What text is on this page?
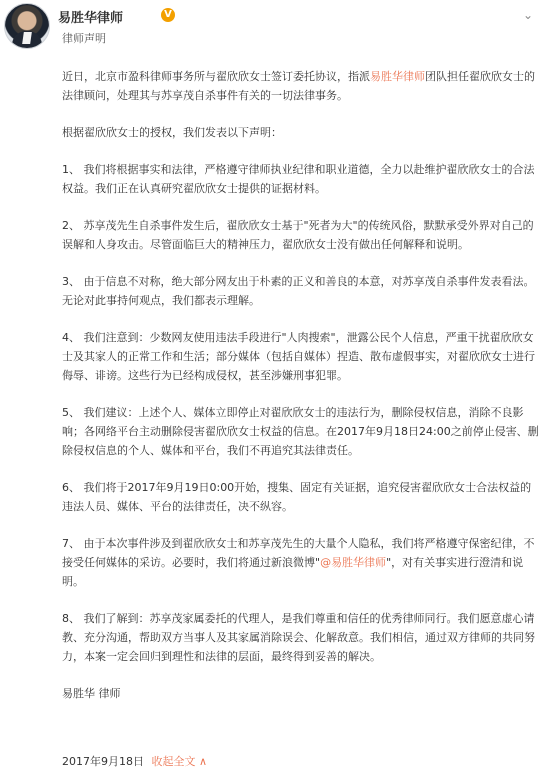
易胜华律师	V
律师声明
⌄

近日，北京市盈科律师事务所与翟欣欣女士签订委托协议，指派易胜华律师团队担任翟欣欣女士的法律顾问，处理其与苏享茂自杀事件有关的一切法律事务。

根据翟欣欣女士的授权，我们发表以下声明：

1、 我们将根据事实和法律，严格遵守律师执业纪律和职业道德，全力以赴维护翟欣欣女士的合法权益。我们正在认真研究翟欣欣女士提供的证据材料。

2、 苏享茂先生自杀事件发生后，翟欣欣女士基于"死者为大"的传统风俗，默默承受外界对自己的误解和人身攻击。尽管面临巨大的精神压力，翟欣欣女士没有做出任何解释和说明。

3、 由于信息不对称，绝大部分网友出于朴素的正义和善良的本意，对苏享茂自杀事件发表看法。无论对此事持何观点，我们都表示理解。

4、 我们注意到：少数网友使用违法手段进行"人肉搜索"，泄露公民个人信息，严重干扰翟欣欣女士及其家人的正常工作和生活；部分媒体（包括自媒体）捏造、散布虚假事实，对翟欣欣女士进行侮辱、诽谤。这些行为已经构成侵权，甚至涉嫌刑事犯罪。

5、 我们建议：上述个人、媒体立即停止对翟欣欣女士的违法行为，删除侵权信息，消除不良影响；各网络平台主动删除侵害翟欣欣女士权益的信息。在2017年9月18日24:00之前停止侵害、删除侵权信息的个人、媒体和平台，我们不再追究其法律责任。

6、 我们将于2017年9月19日0:00开始，搜集、固定有关证据，追究侵害翟欣欣女士合法权益的违法人员、媒体、平台的法律责任，决不纵容。

7、 由于本次事件涉及到翟欣欣女士和苏享茂先生的大量个人隐私，我们将严格遵守保密纪律，不接受任何媒体的采访。必要时，我们将通过新浪微博"@易胜华律师"，对有关事实进行澄清和说明。

8、 我们了解到：苏享茂家属委托的代理人，是我们尊重和信任的优秀律师同行。我们愿意虚心请教、充分沟通，帮助双方当事人及其家属消除误会、化解敌意。我们相信，通过双方律师的共同努力，本案一定会回归到理性和法律的层面，最终得到妥善的解决。

易胜华 律师

2017年9月18日 收起全文 ∧
